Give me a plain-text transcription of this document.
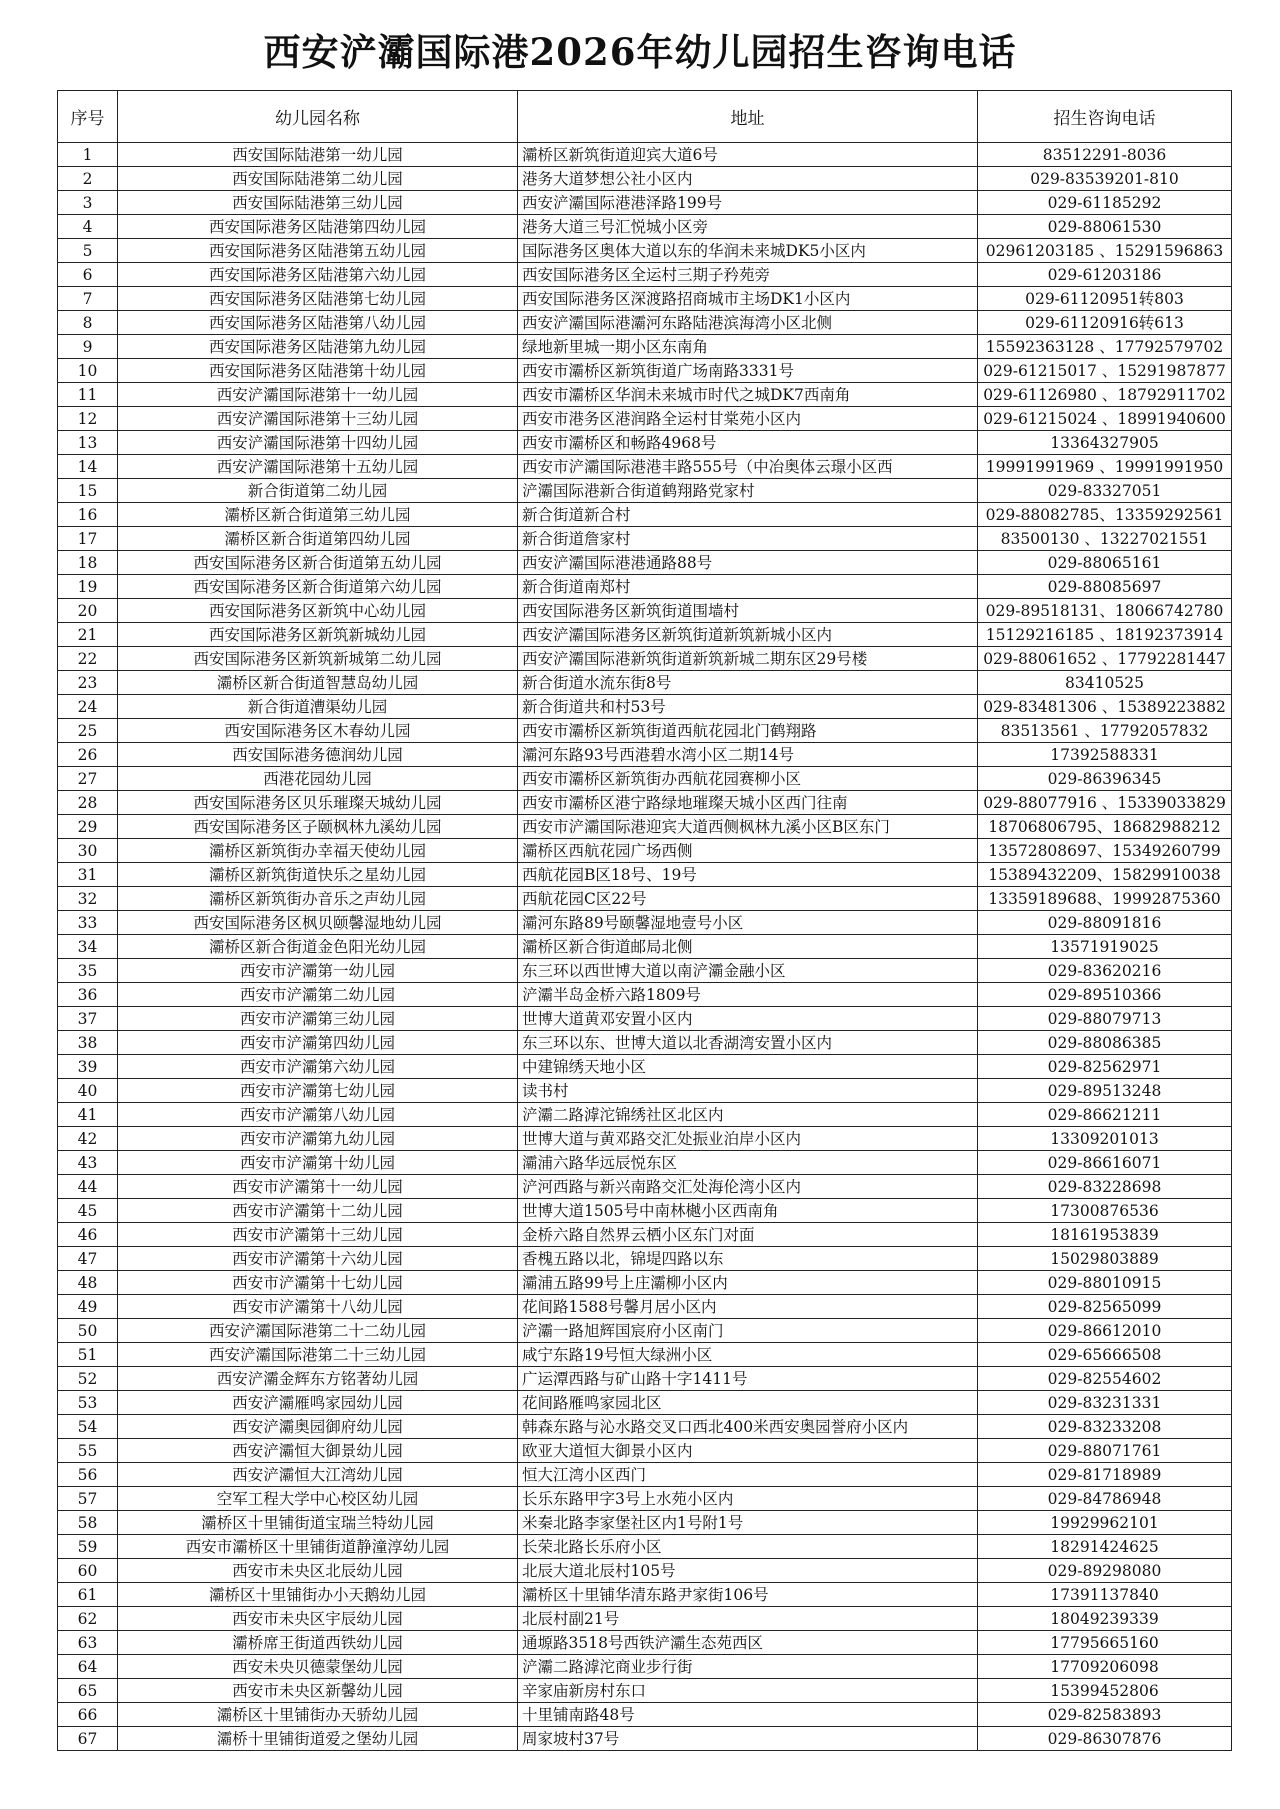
西安浐灞国际港2026年幼儿园招生咨询电话
序号	幼儿园名称	地址	招生咨询电话
1	西安国际陆港第一幼儿园	灞桥区新筑街道迎宾大道6号	83512291-8036
2	西安国际陆港第二幼儿园	港务大道梦想公社小区内	029-83539201-810
3	西安国际陆港第三幼儿园	西安浐灞国际港港泽路199号	029-61185292
4	西安国际港务区陆港第四幼儿园	港务大道三号汇悦城小区旁	029-88061530
5	西安国际港务区陆港第五幼儿园	国际港务区奥体大道以东的华润未来城DK5小区内	02961203185 、15291596863
6	西安国际港务区陆港第六幼儿园	西安国际港务区全运村三期子矜苑旁	029-61203186
7	西安国际港务区陆港第七幼儿园	西安国际港务区深渡路招商城市主场DK1小区内	029-61120951转803
8	西安国际港务区陆港第八幼儿园	西安浐灞国际港灞河东路陆港滨海湾小区北侧	029-61120916转613
9	西安国际港务区陆港第九幼儿园	绿地新里城一期小区东南角	15592363128 、17792579702
10	西安国际港务区陆港第十幼儿园	西安市灞桥区新筑街道广场南路3331号	029-61215017 、15291987877
11	西安浐灞国际港第十一幼儿园	西安市灞桥区华润未来城市时代之城DK7西南角	029-61126980 、18792911702
12	西安浐灞国际港第十三幼儿园	西安市港务区港润路全运村甘棠苑小区内	029-61215024 、18991940600
13	西安浐灞国际港第十四幼儿园	西安市灞桥区和畅路4968号	13364327905
14	西安浐灞国际港第十五幼儿园	西安市浐灞国际港港丰路555号（中冶奥体云璟小区西	19991991969 、19991991950
15	新合街道第二幼儿园	浐灞国际港新合街道鹤翔路党家村	029-83327051
16	灞桥区新合街道第三幼儿园	新合街道新合村	029-88082785、13359292561
17	灞桥区新合街道第四幼儿园	新合街道詹家村	83500130 、13227021551
18	西安国际港务区新合街道第五幼儿园	西安浐灞国际港港通路88号	029-88065161
19	西安国际港务区新合街道第六幼儿园	新合街道南郑村	029-88085697
20	西安国际港务区新筑中心幼儿园	西安国际港务区新筑街道围墙村	029-89518131、18066742780
21	西安国际港务区新筑新城幼儿园	西安浐灞国际港务区新筑街道新筑新城小区内	15129216185 、18192373914
22	西安国际港务区新筑新城第二幼儿园	西安浐灞国际港新筑街道新筑新城二期东区29号楼	029-88061652 、17792281447
23	灞桥区新合街道智慧岛幼儿园	新合街道水流东街8号	83410525
24	新合街道漕渠幼儿园	新合街道共和村53号	029-83481306 、15389223882
25	西安国际港务区木春幼儿园	西安市灞桥区新筑街道西航花园北门鹤翔路	83513561 、17792057832
26	西安国际港务德润幼儿园	灞河东路93号西港碧水湾小区二期14号	17392588331
27	西港花园幼儿园	西安市灞桥区新筑街办西航花园赛柳小区	029-86396345
28	西安国际港务区贝乐璀璨天城幼儿园	西安市灞桥区港宁路绿地璀璨天城小区西门往南	029-88077916 、15339033829
29	西安国际港务区子颐枫林九溪幼儿园	西安市浐灞国际港迎宾大道西侧枫林九溪小区B区东门	18706806795、18682988212
30	灞桥区新筑街办幸福天使幼儿园	灞桥区西航花园广场西侧	13572808697、15349260799
31	灞桥区新筑街道快乐之星幼儿园	西航花园B区18号、19号	15389432209、15829910038
32	灞桥区新筑街办音乐之声幼儿园	西航花园C区22号	13359189688、19992875360
33	西安国际港务区枫贝颐馨湿地幼儿园	灞河东路89号颐馨湿地壹号小区	029-88091816
34	灞桥区新合街道金色阳光幼儿园	灞桥区新合街道邮局北侧	13571919025
35	西安市浐灞第一幼儿园	东三环以西世博大道以南浐灞金融小区	029-83620216
36	西安市浐灞第二幼儿园	浐灞半岛金桥六路1809号	029-89510366
37	西安市浐灞第三幼儿园	世博大道黄邓安置小区内	029-88079713
38	西安市浐灞第四幼儿园	东三环以东、世博大道以北香湖湾安置小区内	029-88086385
39	西安市浐灞第六幼儿园	中建锦绣天地小区	029-82562971
40	西安市浐灞第七幼儿园	读书村	029-89513248
41	西安市浐灞第八幼儿园	浐灞二路滹沱锦绣社区北区内	029-86621211
42	西安市浐灞第九幼儿园	世博大道与黄邓路交汇处振业泊岸小区内	13309201013
43	西安市浐灞第十幼儿园	灞浦六路华远辰悦东区	029-86616071
44	西安市浐灞第十一幼儿园	浐河西路与新兴南路交汇处海伦湾小区内	029-83228698
45	西安市浐灞第十二幼儿园	世博大道1505号中南林樾小区西南角	17300876536
46	西安市浐灞第十三幼儿园	金桥六路自然界云栖小区东门对面	18161953839
47	西安市浐灞第十六幼儿园	香槐五路以北，锦堤四路以东	15029803889
48	西安市浐灞第十七幼儿园	灞浦五路99号上庄灞柳小区内	029-88010915
49	西安市浐灞第十八幼儿园	花间路1588号馨月居小区内	029-82565099
50	西安浐灞国际港第二十二幼儿园	浐灞一路旭辉国宸府小区南门	029-86612010
51	西安浐灞国际港第二十三幼儿园	咸宁东路19号恒大绿洲小区	029-65666508
52	西安浐灞金辉东方铭著幼儿园	广运潭西路与矿山路十字1411号	029-82554602
53	西安浐灞雁鸣家园幼儿园	花间路雁鸣家园北区	029-83231331
54	西安浐灞奥园御府幼儿园	韩森东路与沁水路交叉口西北400米西安奥园誉府小区内	029-83233208
55	西安浐灞恒大御景幼儿园	欧亚大道恒大御景小区内	029-88071761
56	西安浐灞恒大江湾幼儿园	恒大江湾小区西门	029-81718989
57	空军工程大学中心校区幼儿园	长乐东路甲字3号上水苑小区内	029-84786948
58	灞桥区十里铺街道宝瑞兰特幼儿园	米秦北路李家堡社区内1号附1号	19929962101
59	西安市灞桥区十里铺街道静潼淳幼儿园	长荣北路长乐府小区	18291424625
60	西安市未央区北辰幼儿园	北辰大道北辰村105号	029-89298080
61	灞桥区十里铺街办小天鹅幼儿园	灞桥区十里铺华清东路尹家街106号	17391137840
62	西安市未央区宇辰幼儿园	北辰村副21号	18049239339
63	灞桥席王街道西铁幼儿园	通塬路3518号西铁浐灞生态苑西区	17795665160
64	西安未央贝德蒙堡幼儿园	浐灞二路滹沱商业步行街	17709206098
65	西安市未央区新馨幼儿园	辛家庙新房村东口	15399452806
66	灞桥区十里铺街办天骄幼儿园	十里铺南路48号	029-82583893
67	灞桥十里铺街道爱之堡幼儿园	周家坡村37号	029-86307876
